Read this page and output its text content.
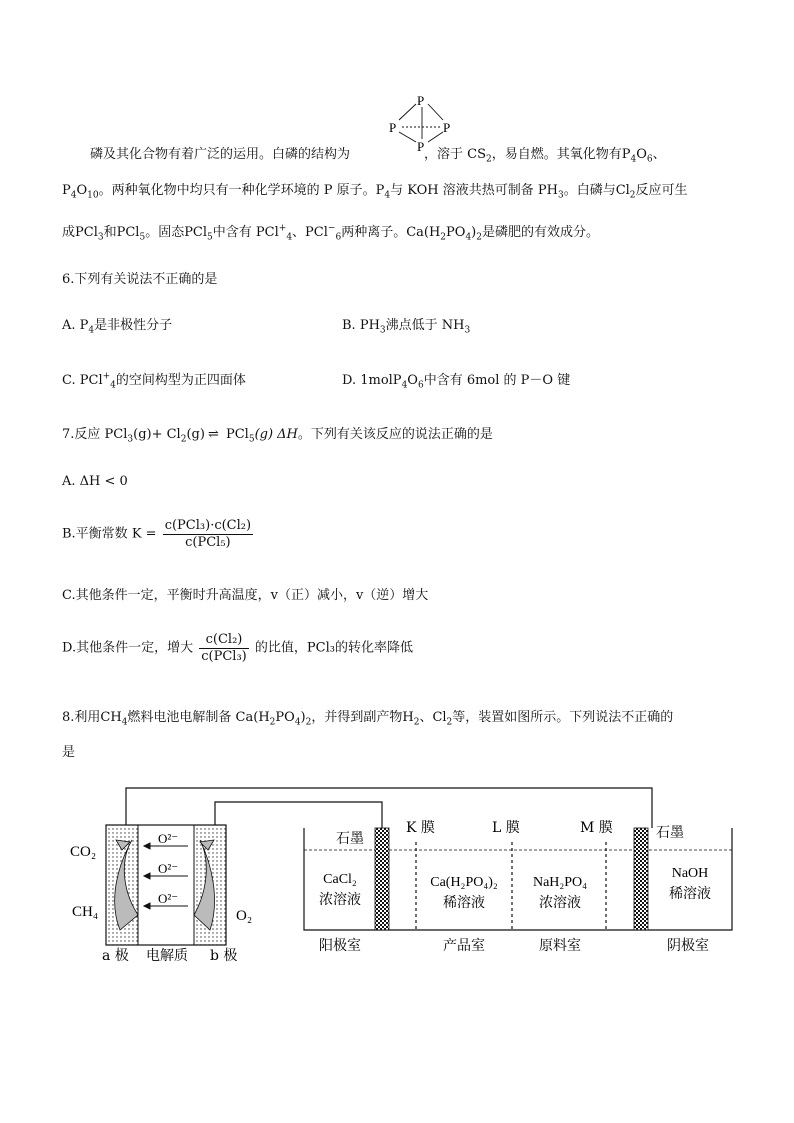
P
P	P
P
磷及其化合物有着广泛的运用。白磷的结构为	，溶于 $CS_2$，易自燃。其氧化物有$P_4O_6$、
$P_4O_{10}$。两种氧化物中均只有一种化学环境的 P 原子。$P_4$与 KOH 溶液共热可制备 $PH_3$。白磷与$Cl_2$反应可生
成PCl$_3$和PCl$_5$。固态PCl$_5$中含有 PCl+$_4$、PCl−$_6$两种离子。$Ca(H_2PO_4)_2$是磷肥的有效成分。
6.下列有关说法不正确的是
A. $P_4$是非极性分子	B. $PH_3$沸点低于 $NH_3$
C. PCl+$_4$的空间构型为正四面体	D. $1molP_4O_6$中含有 6mol 的 P－O 键
7.反应 $PCl_3(g)+ Cl_2(g)$ ⇌ PCl$_5$(g) ΔH。下列有关该反应的说法正确的是
A. ΔH < 0
B.平衡常数 $K = \frac{\text{c(PCl₃)·c(Cl₂)}}{\text{c(PCl₅)}}$
C.其他条件一定，平衡时升高温度，v（正）减小，v（逆）增大
D.其他条件一定，增大 $\frac{\text{c(Cl₂)}}{\text{c(PCl₃)}}$ 的比值，PCl₃的转化率降低
8.利用$CH_4$燃料电池电解制备 $Ca(H_2PO_4)_2$，并得到副产物$H_2$、$Cl_2$等，装置如图所示。下列说法不正确的
是
O²⁻
O²⁻
O²⁻
CO₂
CH₄	O₂
a 极 电解质 b 极
石墨	石墨
K 膜	L 膜	M 膜
CaCl₂
浓溶液
Ca(H₂PO₄)₂
稀溶液
NaH₂PO₄
浓溶液
NaOH
稀溶液
阳极室	产品室	原料室	阴极室
